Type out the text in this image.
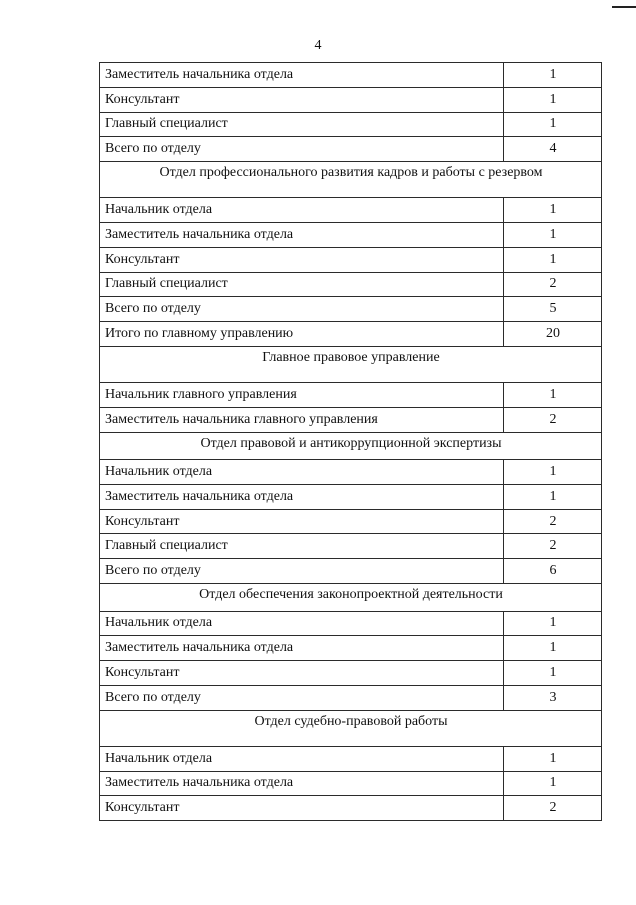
4
Заместитель начальника отдела	1
Консультант	1
Главный специалист	1
Всего по отделу	4
Отдел профессионального развития кадров и работы с резервом	
Начальник отдела	1
Заместитель начальника отдела	1
Консультант	1
Главный специалист	2
Всего по отделу	5
Итого по главному управлению	20
Главное правовое управление	
Начальник главного управления	1
Заместитель начальника главного управления	2
Отдел правовой и антикоррупционной экспертизы	
Начальник отдела	1
Заместитель начальника отдела	1
Консультант	2
Главный специалист	2
Всего по отделу	6
Отдел обеспечения законопроектной деятельности	
Начальник отдела	1
Заместитель начальника отдела	1
Консультант	1
Всего по отделу	3
Отдел судебно-правовой работы	
Начальник отдела	1
Заместитель начальника отдела	1
Консультант	2
